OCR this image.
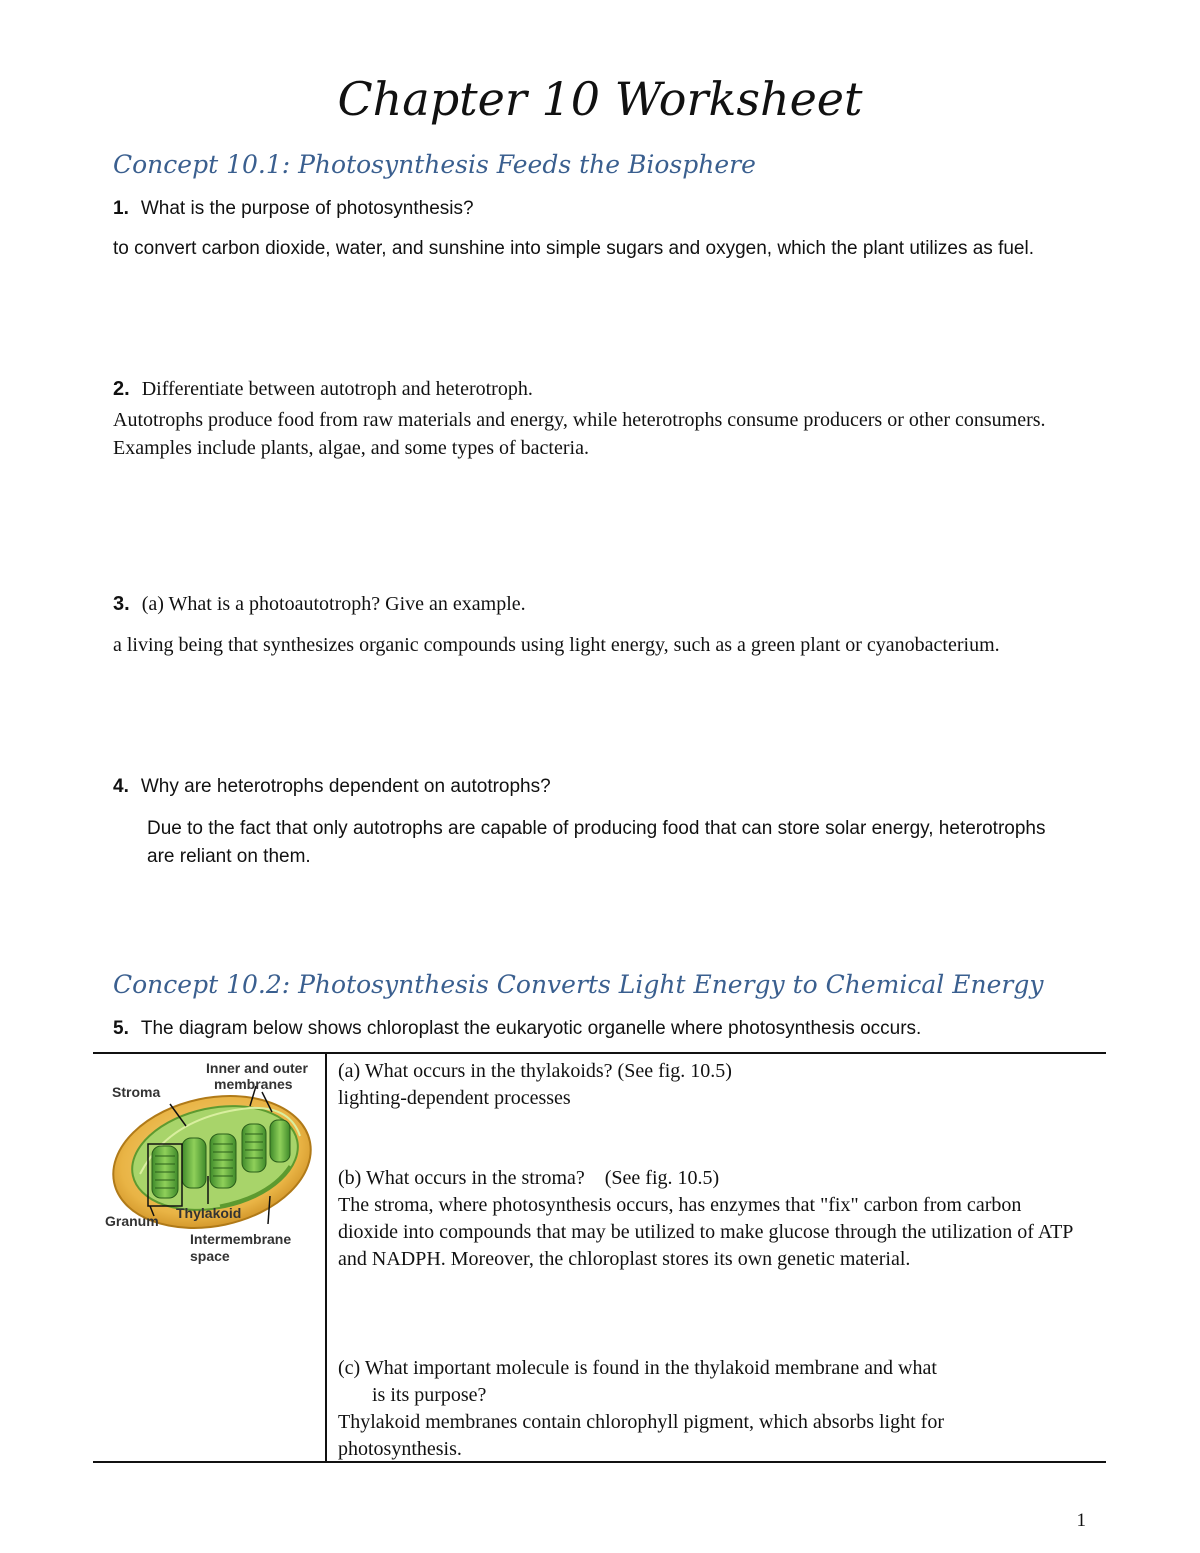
Chapter 10 Worksheet
Concept 10.1: Photosynthesis Feeds the Biosphere
1. What is the purpose of photosynthesis?
to convert carbon dioxide, water, and sunshine into simple sugars and oxygen, which the plant utilizes as fuel.
2. Differentiate between autotroph and heterotroph.
Autotrophs produce food from raw materials and energy, while heterotrophs consume producers or other consumers. Examples include plants, algae, and some types of bacteria.
3. (a) What is a photoautotroph? Give an example.
a living being that synthesizes organic compounds using light energy, such as a green plant or cyanobacterium.
4. Why are heterotrophs dependent on autotrophs?
Due to the fact that only autotrophs are capable of producing food that can store solar energy, heterotrophs are reliant on them.
Concept 10.2: Photosynthesis Converts Light Energy to Chemical Energy
5. The diagram below shows chloroplast the eukaryotic organelle where photosynthesis occurs.
Inner and outer
membranes
Stroma
Granum Thylakoid
Intermembrane
space
(a) What occurs in the thylakoids? (See fig. 10.5)
lighting-dependent processes
(b) What occurs in the stroma?    (See fig. 10.5)
The stroma, where photosynthesis occurs, has enzymes that "fix" carbon from carbon dioxide into compounds that may be utilized to make glucose through the utilization of ATP and NADPH. Moreover, the chloroplast stores its own genetic material.
(c) What important molecule is found in the thylakoid membrane and what
is its purpose?
Thylakoid membranes contain chlorophyll pigment, which absorbs light for photosynthesis.
1
